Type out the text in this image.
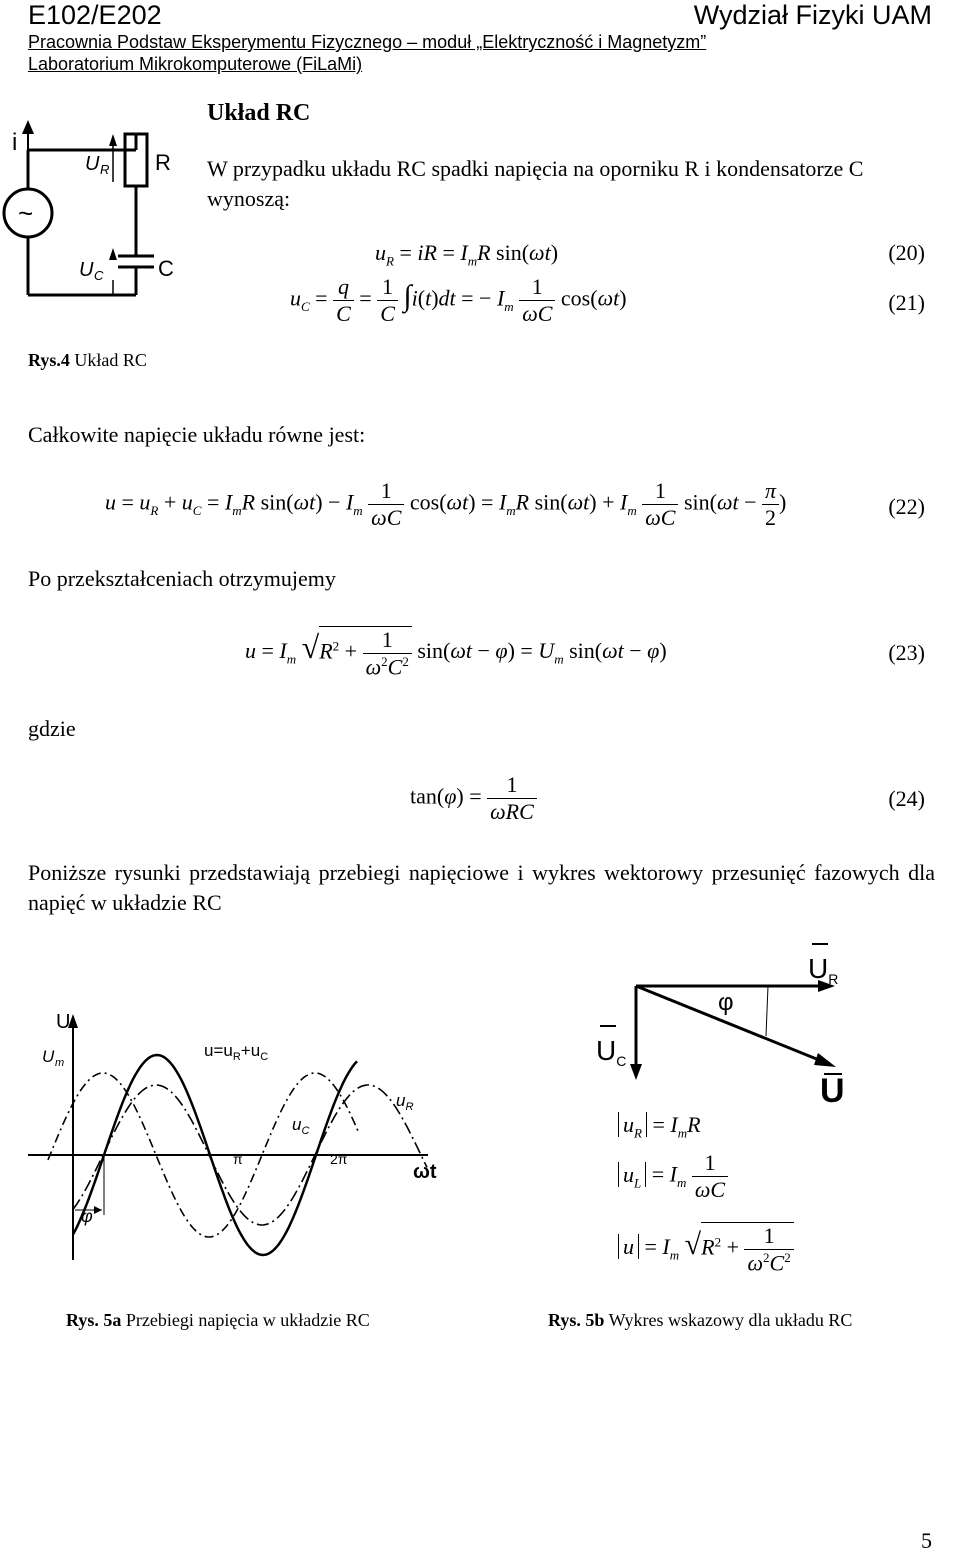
E102/E202	Wydział Fizyki UAM
Pracownia Podstaw Eksperymentu Fizycznego – moduł „Elektryczność i Magnetyzm”
Laboratorium Mikrokomputerowe (FiLaMi)
i
U R R
U C C
~
Rys.4 Układ RC
Układ RC
W przypadku układu RC spadki napięcia na oporniku R i kondensatorze C wynoszą:
$u_R$ = iR = $I_mR$ sin(ωt)	(20)
$u_C = \frac{q}{C} = \frac{1}{C} \int i(t)dt$ = − $I_m \frac{1}{\omega C} \cos(\omega t)$	(21)
Całkowite napięcie układu równe jest:
$u = u_R + u_C = I_mR$ $\sin(\omega t) - I_m \frac{1}{\omega C} \cos(\omega t) = I_mR$ $\sin(\omega t) + I_m \frac{1}{\omega C} \sin(\omega t - \frac{\pi}{2}$ )	(22)
Po przekształceniach otrzymujemy
$u = I_m$ $√R^2 + \frac{1}{\omega^2C^2} \sin(\omega t - \varphi) = U_m$ sin(ωt − φ)	(23)
gdzie
$\tan(\varphi) = \frac{1}{\text{ωRC}}$	(24)
Poniższe rysunki przedstawiają przebiegi napięciowe i wykres wektorowy przesunięć fazowych dla napięć w układzie RC
U
U m
$u=u_R+u_C$
$u_C$
$u_R$
π	2π
ωt
φ
$U_R$
$U_C$
U
φ
$u_R = I_mR$
$u_L = I_m \frac{1}{\omega C}$
$u = I_m$ $√R^2 + \frac{1}{\omega^2C^2}$
Rys. 5a Przebiegi napięcia w układzie RC	Rys. 5b Wykres wskazowy dla układu RC
5
